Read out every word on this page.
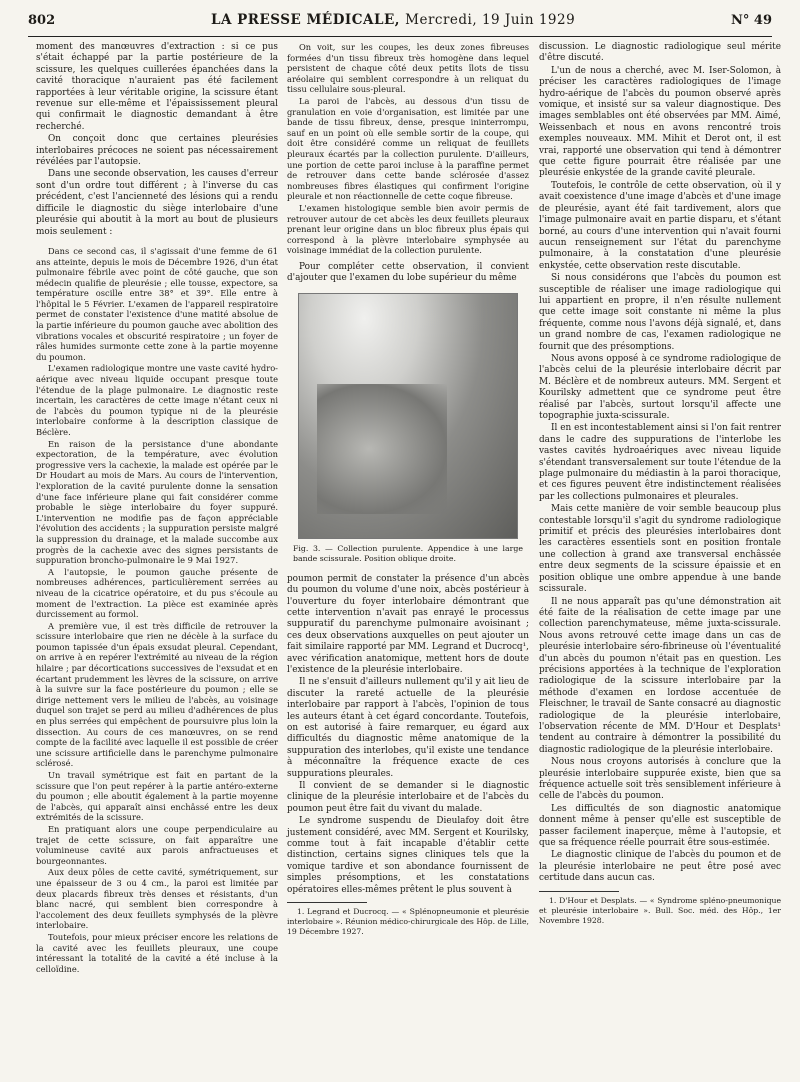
802	LA PRESSE MÉDICALE, Mercredi, 19 Juin 1929	N° 49

moment des manœuvres d'extraction : si ce pus s'était échappé par la partie postérieure de la scissure, les quelques cuillerées épanchées dans la cavité thoracique n'auraient pas été facilement rapportées à leur véritable origine, la scissure étant revenue sur elle-même et l'épaississement pleural qui confirmait le diagnostic demandant à être recherché.

On conçoit donc que certaines pleurésies interlobaires précoces ne soient pas nécessairement révélées par l'autopsie.

Dans une seconde observation, les causes d'erreur sont d'un ordre tout différent ; à l'inverse du cas précédent, c'est l'ancienneté des lésions qui a rendu difficile le diagnostic du siège interlobaire d'une pleurésie qui aboutit à la mort au bout de plusieurs mois seulement :

Dans ce second cas, il s'agissait d'une femme de 61 ans atteinte, depuis le mois de Décembre 1926, d'un état pulmonaire fébrile avec point de côté gauche, que son médecin qualifie de pleurésie ; elle tousse, expectore, sa température oscille entre 38° et 39°. Elle entre à l'hôpital le 5 Février. L'examen de l'appareil respiratoire permet de constater l'existence d'une matité absolue de la partie inférieure du poumon gauche avec abolition des vibrations vocales et obscurité respiratoire ; un foyer de râles humides surmonte cette zone à la partie moyenne du poumon.

L'examen radiologique montre une vaste cavité hydro-aérique avec niveau liquide occupant presque toute l'étendue de la plage pulmonaire. Le diagnostic reste incertain, les caractères de cette image n'étant ceux ni de l'abcès du poumon typique ni de la pleurésie interlobaire conforme à la description classique de Béclère.

En raison de la persistance d'une abondante expectoration, de la température, avec évolution progressive vers la cachexie, la malade est opérée par le Dr Houdart au mois de Mars. Au cours de l'intervention, l'exploration de la cavité purulente donne la sensation d'une face inférieure plane qui fait considérer comme probable le siège interlobaire du foyer suppuré. L'intervention ne modifie pas de façon appréciable l'évolution des accidents ; la suppuration persiste malgré la suppression du drainage, et la malade succombe aux progrès de la cachexie avec des signes persistants de suppuration broncho-pulmonaire le 9 Mai 1927.

A l'autopsie, le poumon gauche présente de nombreuses adhérences, particulièrement serrées au niveau de la cicatrice opératoire, et du pus s'écoule au moment de l'extraction. La pièce est examinée après durcissement au formol.

A première vue, il est très difficile de retrouver la scissure interlobaire que rien ne décèle à la surface du poumon tapissée d'un épais exsudat pleural. Cependant, on arrive à en repérer l'extrémité au niveau de la région hilaire ; par décortications successives de l'exsudat et en écartant prudemment les lèvres de la scissure, on arrive à la suivre sur la face postérieure du poumon ; elle se dirige nettement vers le milieu de l'abcès, au voisinage duquel son trajet se perd au milieu d'adhérences de plus en plus serrées qui empêchent de poursuivre plus loin la dissection. Au cours de ces manœuvres, on se rend compte de la facilité avec laquelle il est possible de créer une scissure artificielle dans le parenchyme pulmonaire sclérosé.

Un travail symétrique est fait en partant de la scissure que l'on peut repérer à la partie antéro-externe du poumon ; elle aboutit également à la partie moyenne de l'abcès, qui apparaît ainsi enchâssé entre les deux extrémités de la scissure.

En pratiquant alors une coupe perpendiculaire au trajet de cette scissure, on fait apparaître une volumineuse cavité aux parois anfractueuses et bourgeonnantes.

Aux deux pôles de cette cavité, symétriquement, sur une épaisseur de 3 ou 4 cm., la paroi est limitée par deux placards fibreux très denses et résistants, d'un blanc nacré, qui semblent bien correspondre à l'accolement des deux feuillets symphysés de la plèvre interlobaire.

Toutefois, pour mieux préciser encore les relations de la cavité avec les feuillets pleuraux, une coupe intéressant la totalité de la cavité a été incluse à la celloïdine.

On voit, sur les coupes, les deux zones fibreuses formées d'un tissu fibreux très homogène dans lequel persistent de chaque côté deux petits îlots de tissu aréolaire qui semblent correspondre à un reliquat du tissu cellulaire sous-pleural.

La paroi de l'abcès, au dessous d'un tissu de granulation en voie d'organisation, est limitée par une bande de tissu fibreux, dense, presque ininterrompu, sauf en un point où elle semble sortir de la coupe, qui doit être considéré comme un reliquat de feuillets pleuraux écartés par la collection purulente. D'ailleurs, une portion de cette paroi incluse à la paraffine permet de retrouver dans cette bande sclérosée d'assez nombreuses fibres élastiques qui confirment l'origine pleurale et non réactionnelle de cette coque fibreuse.

L'examen histologique semble bien avoir permis de retrouver autour de cet abcès les deux feuillets pleuraux prenant leur origine dans un bloc fibreux plus épais qui correspond à la plèvre interlobaire symphysée au voisinage immédiat de la collection purulente.

Pour compléter cette observation, il convient d'ajouter que l'examen du lobe supérieur du même

Fig. 3. — Collection purulente. Appendice à une large bande scissurale. Position oblique droite.

poumon permit de constater la présence d'un abcès du poumon du volume d'une noix, abcès postérieur à l'ouverture du foyer interlobaire démontrant que cette intervention n'avait pas enrayé le processus suppuratif du parenchyme pulmonaire avoisinant ; ces deux observations auxquelles on peut ajouter un fait similaire rapporté par MM. Legrand et Ducrocq¹, avec vérification anatomique, mettent hors de doute l'existence de la pleurésie interlobaire.

Il ne s'ensuit d'ailleurs nullement qu'il y ait lieu de discuter la rareté actuelle de la pleurésie interlobaire par rapport à l'abcès, l'opinion de tous les auteurs étant à cet égard concordante. Toutefois, on est autorisé à faire remarquer, eu égard aux difficultés du diagnostic même anatomique de la suppuration des interlobes, qu'il existe une tendance à méconnaître la fréquence exacte de ces suppurations pleurales.

Il convient de se demander si le diagnostic clinique de la pleurésie interlobaire et de l'abcès du poumon peut être fait du vivant du malade.

Le syndrome suspendu de Dieulafoy doit être justement considéré, avec MM. Sergent et Kourilsky, comme tout à fait incapable d'établir cette distinction, certains signes cliniques tels que la vomique tardive et son abondance fournissent de simples présomptions, et les constatations opératoires elles-mêmes prêtent le plus souvent à

1. Legrand et Ducrocq. — « Splénopneumonie et pleurésie interlobaire ». Réunion médico-chirurgicale des Hôp. de Lille, 19 Décembre 1927.

discussion. Le diagnostic radiologique seul mérite d'être discuté.

L'un de nous a cherché, avec M. Iser-Solomon, à préciser les caractères radiologiques de l'image hydro-aérique de l'abcès du poumon observé après vomique, et insisté sur sa valeur diagnostique. Des images semblables ont été observées par MM. Aimé, Weissenbach et nous en avons rencontré trois exemples nouveaux. MM. Mihit et Derot ont, il est vrai, rapporté une observation qui tend à démontrer que cette figure pourrait être réalisée par une pleurésie enkystée de la grande cavité pleurale.

Toutefois, le contrôle de cette observation, où il y avait coexistence d'une image d'abcès et d'une image de pleurésie, ayant été fait tardivement, alors que l'image pulmonaire avait en partie disparu, et s'étant borné, au cours d'une intervention qui n'avait fourni aucun renseignement sur l'état du parenchyme pulmonaire, à la constatation d'une pleurésie enkystée, cette observation reste discutable.

Si nous considérons que l'abcès du poumon est susceptible de réaliser une image radiologique qui lui appartient en propre, il n'en résulte nullement que cette image soit constante ni même la plus fréquente, comme nous l'avons déjà signalé, et, dans un grand nombre de cas, l'examen radiologique ne fournit que des présomptions.

Nous avons opposé à ce syndrome radiologique de l'abcès celui de la pleurésie interlobaire décrit par M. Béclère et de nombreux auteurs. MM. Sergent et Kourilsky admettent que ce syndrome peut être réalisé par l'abcès, surtout lorsqu'il affecte une topographie juxta-scissurale.

Il en est incontestablement ainsi si l'on fait rentrer dans le cadre des suppurations de l'interlobe les vastes cavités hydroaériques avec niveau liquide s'étendant transversalement sur toute l'étendue de la plage pulmonaire du médiastin à la paroi thoracique, et ces figures peuvent être indistinctement réalisées par les collections pulmonaires et pleurales.

Mais cette manière de voir semble beaucoup plus contestable lorsqu'il s'agit du syndrome radiologique primitif et précis des pleurésies interlobaires dont les caractères essentiels sont en position frontale une collection à grand axe transversal enchâssée entre deux segments de la scissure épaissie et en position oblique une ombre appendue à une bande scissurale.

Il ne nous apparaît pas qu'une démonstration ait été faite de la réalisation de cette image par une collection parenchymateuse, même juxta-scissurale. Nous avons retrouvé cette image dans un cas de pleurésie interlobaire séro-fibrineuse où l'éventualité d'un abcès du poumon n'était pas en question. Les précisions apportées à la technique de l'exploration radiologique de la scissure interlobaire par la méthode d'examen en lordose accentuée de Fleischner, le travail de Sante consacré au diagnostic radiologique de la pleurésie interlobaire, l'observation récente de MM. D'Hour et Desplats¹ tendent au contraire à démontrer la possibilité du diagnostic radiologique de la pleurésie interlobaire.

Nous nous croyons autorisés à conclure que la pleurésie interlobaire suppurée existe, bien que sa fréquence actuelle soit très sensiblement inférieure à celle de l'abcès du poumon.

Les difficultés de son diagnostic anatomique donnent même à penser qu'elle est susceptible de passer facilement inaperçue, même à l'autopsie, et que sa fréquence réelle pourrait être sous-estimée.

Le diagnostic clinique de l'abcès du poumon et de la pleurésie interlobaire ne peut être posé avec certitude dans aucun cas.

1. D'Hour et Desplats. — « Syndrome spléno-pneumonique et pleurésie interlobaire ». Bull. Soc. méd. des Hôp., 1er Novembre 1928.
